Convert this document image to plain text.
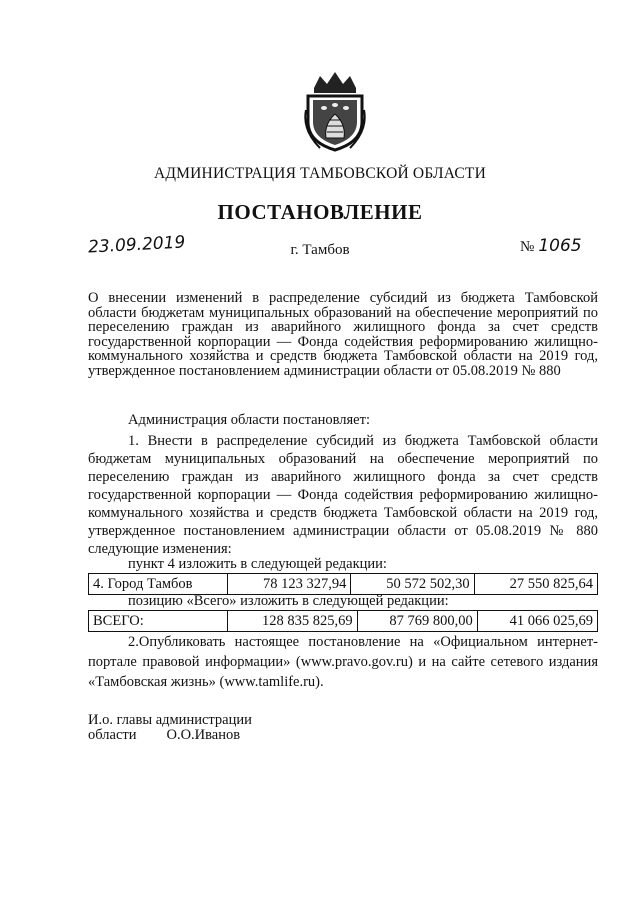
АДМИНИСТРАЦИЯ ТАМБОВСКОЙ ОБЛАСТИ
ПОСТАНОВЛЕНИЕ
23.09.2019	г. Тамбов	№ 1065
О внесении изменений в распределение субсидий из бюджета Тамбовской области бюджетам муниципальных образований на обеспечение мероприятий по переселению граждан из аварийного жилищного фонда за счет средств государственной корпорации — Фонда содействия реформированию жилищно-коммунального хозяйства и средств бюджета Тамбовской области на 2019 год, утвержденное постановлением администрации области от 05.08.2019 № 880
Администрация области постановляет:
1. Внести в распределение субсидий из бюджета Тамбовской области бюджетам муниципальных образований на обеспечение мероприятий по переселению граждан из аварийного жилищного фонда за счет средств государственной корпорации — Фонда содействия реформированию жилищно-коммунального хозяйства и средств бюджета Тамбовской области на 2019 год, утвержденное постановлением администрации области от 05.08.2019 № 880 следующие изменения:
пункт 4 изложить в следующей редакции:
4. Город Тамбов	78 123 327,94	50 572 502,30	27 550 825,64
позицию «Всего» изложить в следующей редакции:
ВСЕГО:	128 835 825,69	87 769 800,00	41 066 025,69
2.Опубликовать настоящее постановление на «Официальном интернет-портале правовой информации» (www.pravo.gov.ru) и на сайте сетевого издания «Тамбовская жизнь» (www.tamlife.ru).
И.о. главы администрации
области О.О.Иванов
